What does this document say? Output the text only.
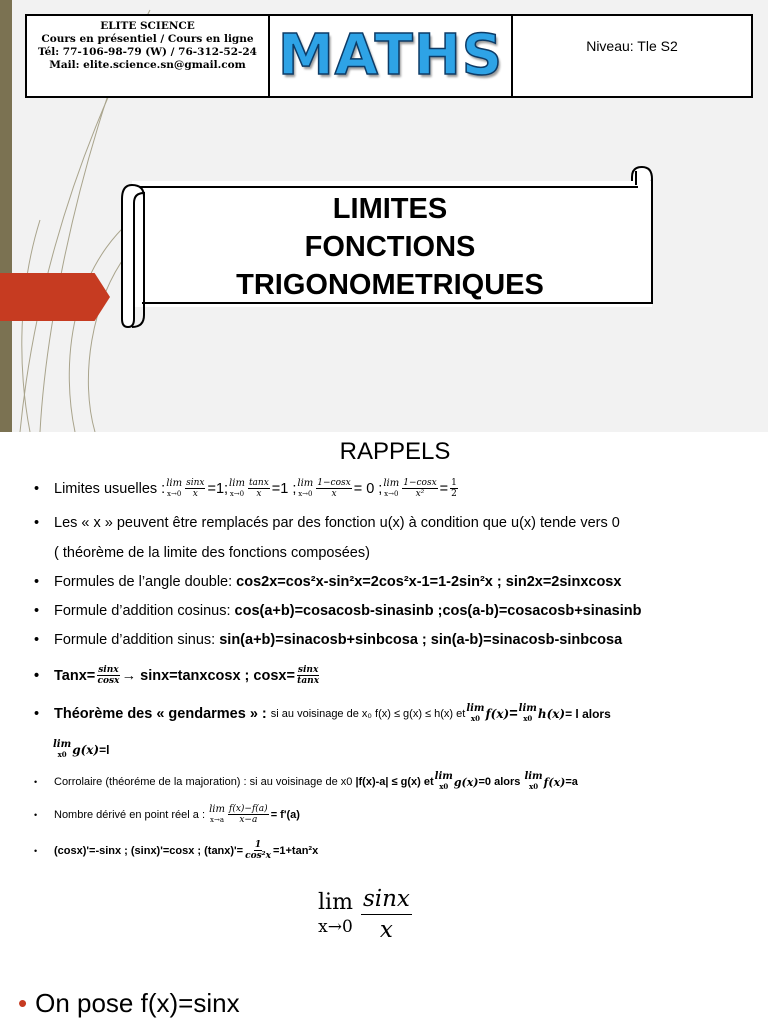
ELITE SCIENCE
Cours en présentiel / Cours en ligne
Tél: 77-106-98-79 (W) / 76-312-52-24
Mail: elite.science.sn@gmail.com MATHS	Niveau: Tle S2
LIMITES
FONCTIONS
TRIGONOMETRIQUES
RAPPELS
•	Limites usuelles : lim
$x\to 0 \frac{\sin x}{x} =1$; lim
$x\to 0 \frac{\tan x}{x} =1$ ; lim
$x\to 0 \frac{1-\cos x}{x} = 0$ ; lim
$x\to 0 \frac{1-\cos x}{\text{x²}} = \frac{1}{2}$
•	Les « x » peuvent être remplacés par des fonction u(x) à condition que u(x) tende vers 0
( théorème de la limite des fonctions composées)
•	Formules de l’angle double:
cos2x=cos²x-sin²x=2cos²x-1=1-2sin²x ; sin2x=2sinxcosx
•	Formule d’addition cosinus:
cos(a+b)=cosacosb-sinasinb ;cos(a-b)=cosacosb+sinasinb
•	Formule d’addition sinus:
sin(a+b)=sinacosb+sinbcosa ; sin(a-b)=sinacosb-sinbcosa
•	Tanx= $\frac{\sin x}{\cos x}$ → sinx=tanxcosx ; $\cos x= \frac{\sin x}{\tan x}$
•	Théorème des « gendarmes » :
si au voisinage de x₀ f(x) ≤ g(x) ≤ h(x) et lim
x0 f(x) = lim
x0 h(x) = l alors
lim
x0 g(x) =l
•	Corrolaire (théoréme de la majoration) : si au voisinage de x0
|f(x)-a| ≤ g(x) et lim
x0 g(x) =0 alors
lim
x0 f(x) =a
•	Nombre dérivé en point réel a :
lim
$x\to a \frac{f(x)-f(a)}{x-a} = f'(a)$
•	(cosx)'=-sinx ; (sinx)'=cosx ; $(\tan x)'= \frac{1}{\text{cos²x}} =1+\tan^2x$
lim
x→0
sinx
x
• On pose f(x)=sinx
